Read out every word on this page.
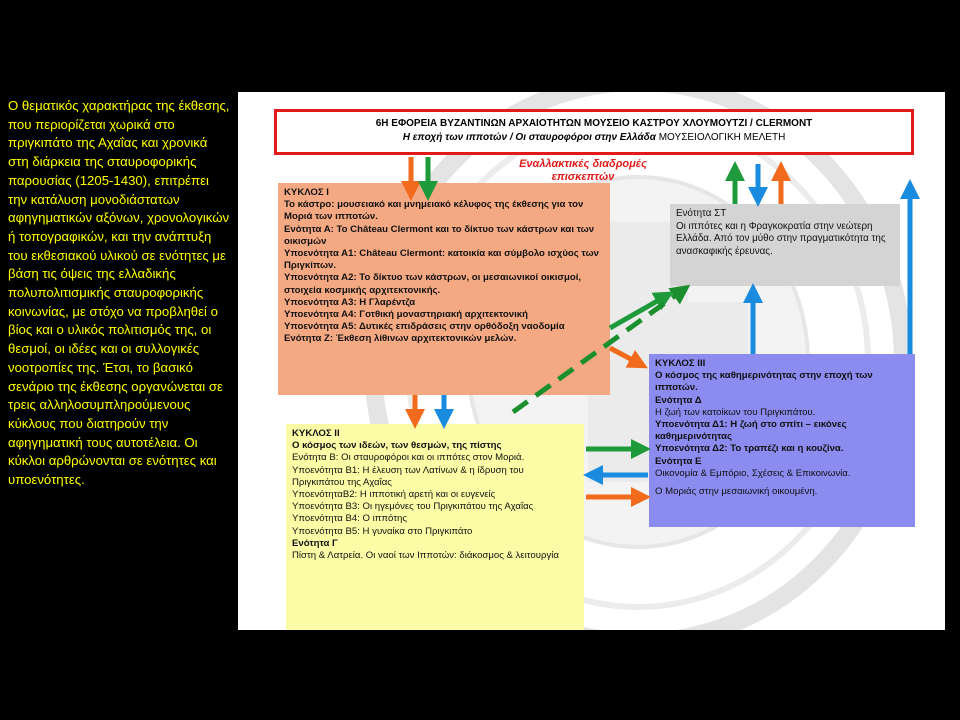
Ο θεματικός χαρακτήρας της έκθεσης, που περιορίζεται χωρικά στο πριγκιπάτο της Αχαΐας και χρονικά στη διάρκεια της σταυροφορικής παρουσίας (1205-1430), επιτρέπει την κατάλυση μονοδιάστατων αφηγηματικών αξόνων, χρονολογικών ή τοπογραφικών, και την ανάπτυξη του εκθεσιακού υλικού σε ενότητες με βάση τις όψεις της ελλαδικής πολυπολιτισμικής σταυροφορικής κοινωνίας, με στόχο να προβληθεί ο βίος και ο υλικός πολιτισμός της, οι θεσμοί, οι ιδέες και οι συλλογικές νοοτροπίες της. Έτσι, το βασικό σενάριο της έκθεσης οργανώνεται σε τρεις αλληλοσυμπληρούμενους κύκλους που διατηρούν την αφηγηματική τους αυτοτέλεια. Οι κύκλοι αρθρώνονται σε ενότητες και υποενότητες.
6Η ΕΦΟΡΕΙΑ ΒΥΖΑΝΤΙΝΩΝ ΑΡΧΑΙΟΤΗΤΩΝ ΜΟΥΣΕΙΟ ΚΑΣΤΡΟΥ ΧΛΟΥΜΟΥΤΖΙ / CLERMONT
Η εποχή των ιπποτών / Οι σταυροφόροι στην Ελλάδα ΜΟΥΣΕΙΟΛΟΓΙΚΗ ΜΕΛΕΤΗ
Εναλλακτικές διαδρομές
επισκεπτών
ΚΥΚΛΟΣ Ι
Το κάστρο: μουσειακό και μνημειακό κέλυφος της έκθεσης για τον Μοριά των ιπποτών.
Ενότητα Α: Το Château Clermont και το δίκτυο των κάστρων και των οικισμών
Υποενότητα Α1: Château Clermont: κατοικία και σύμβολο ισχύος των Πριγκίπων.
Υποενότητα Α2: Το δίκτυο των κάστρων, οι μεσαιωνικοί οικισμοί, στοιχεία κοσμικής αρχιτεκτονικής.
Υποενότητα Α3: Η Γλαρέντζα
Υποενότητα Α4: Γοτθική μοναστηριακή αρχιτεκτονική
Υποενότητα Α5: Δυτικές επιδράσεις στην ορθόδοξη ναοδομία
Ενότητα Ζ: Έκθεση λίθινων αρχιτεκτονικών μελών.
Ενότητα ΣΤ
Οι ιππότες και η Φραγκοκρατία στην νεώτερη Ελλάδα. Από τον μύθο στην πραγματικότητα της ανασκαφικής έρευνας.
ΚΥΚΛΟΣ ΙΙΙ
Ο κόσμος της καθημερινότητας στην εποχή των ιπποτών.
Ενότητα Δ
Η ζωή των κατοίκων του Πριγκιπάτου.
Υποενότητα Δ1: Η ζωή στο σπίτι – εικόνες καθημερινότητας
Υποενότητα Δ2: Το τραπέζι και η κουζίνα.
Ενότητα Ε
Οικονομία & Εμπόριο, Σχέσεις & Επικοινωνία.
Ο Μοριάς στην μεσαιωνική οικουμένη.
ΚΥΚΛΟΣ ΙΙ
Ο κόσμος των ιδεών, των θεσμών, της πίστης
Ενότητα Β: Οι σταυροφόροι και οι ιππότες στον Μοριά.
Υποενότητα Β1: Η έλευση των Λατίνων & η ίδρυση του Πριγκιπάτου της Αχαΐας
ΥποενότηταΒ2: Η ιπποτική αρετή και οι ευγενείς
Υποενότητα Β3: Οι ηγεμόνες του Πριγκιπάτου της Αχαΐας
Υποενότητα Β4: Ο ιππότης
Υποενότητα Β5: Η γυναίκα στο Πριγκιπάτο
Ενότητα Γ
Πίστη & Λατρεία. Οι ναοί των Ιπποτών: διάκοσμος & λειτουργία
